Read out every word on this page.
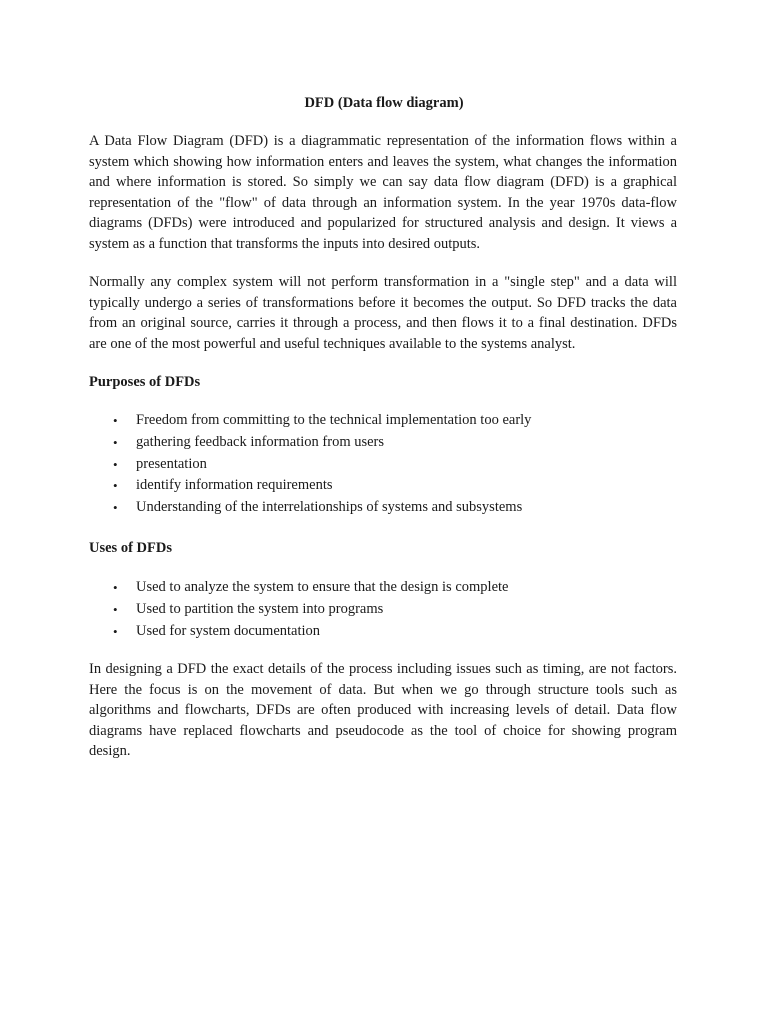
DFD (Data flow diagram)

A Data Flow Diagram (DFD) is a diagrammatic representation of the information flows within a system which showing how information enters and leaves the system, what changes the information and where information is stored. So simply we can say data flow diagram (DFD) is a graphical representation of the "flow" of data through an information system. In the year 1970s data-flow diagrams (DFDs) were introduced and popularized for structured analysis and design. It views a system as a function that transforms the inputs into desired outputs.

Normally any complex system will not perform transformation in a "single step" and a data will typically undergo a series of transformations before it becomes the output. So DFD tracks the data from an original source, carries it through a process, and then flows it to a final destination. DFDs are one of the most powerful and useful techniques available to the systems analyst.

Purposes of DFDs
• Freedom from committing to the technical implementation too early
• gathering feedback information from users
• presentation
• identify information requirements
• Understanding of the interrelationships of systems and subsystems
Uses of DFDs
• Used to analyze the system to ensure that the design is complete
• Used to partition the system into programs
• Used for system documentation

In designing a DFD the exact details of the process including issues such as timing, are not factors. Here the focus is on the movement of data. But when we go through structure tools such as algorithms and flowcharts, DFDs are often produced with increasing levels of detail. Data flow diagrams have replaced flowcharts and pseudocode as the tool of choice for showing program design.
